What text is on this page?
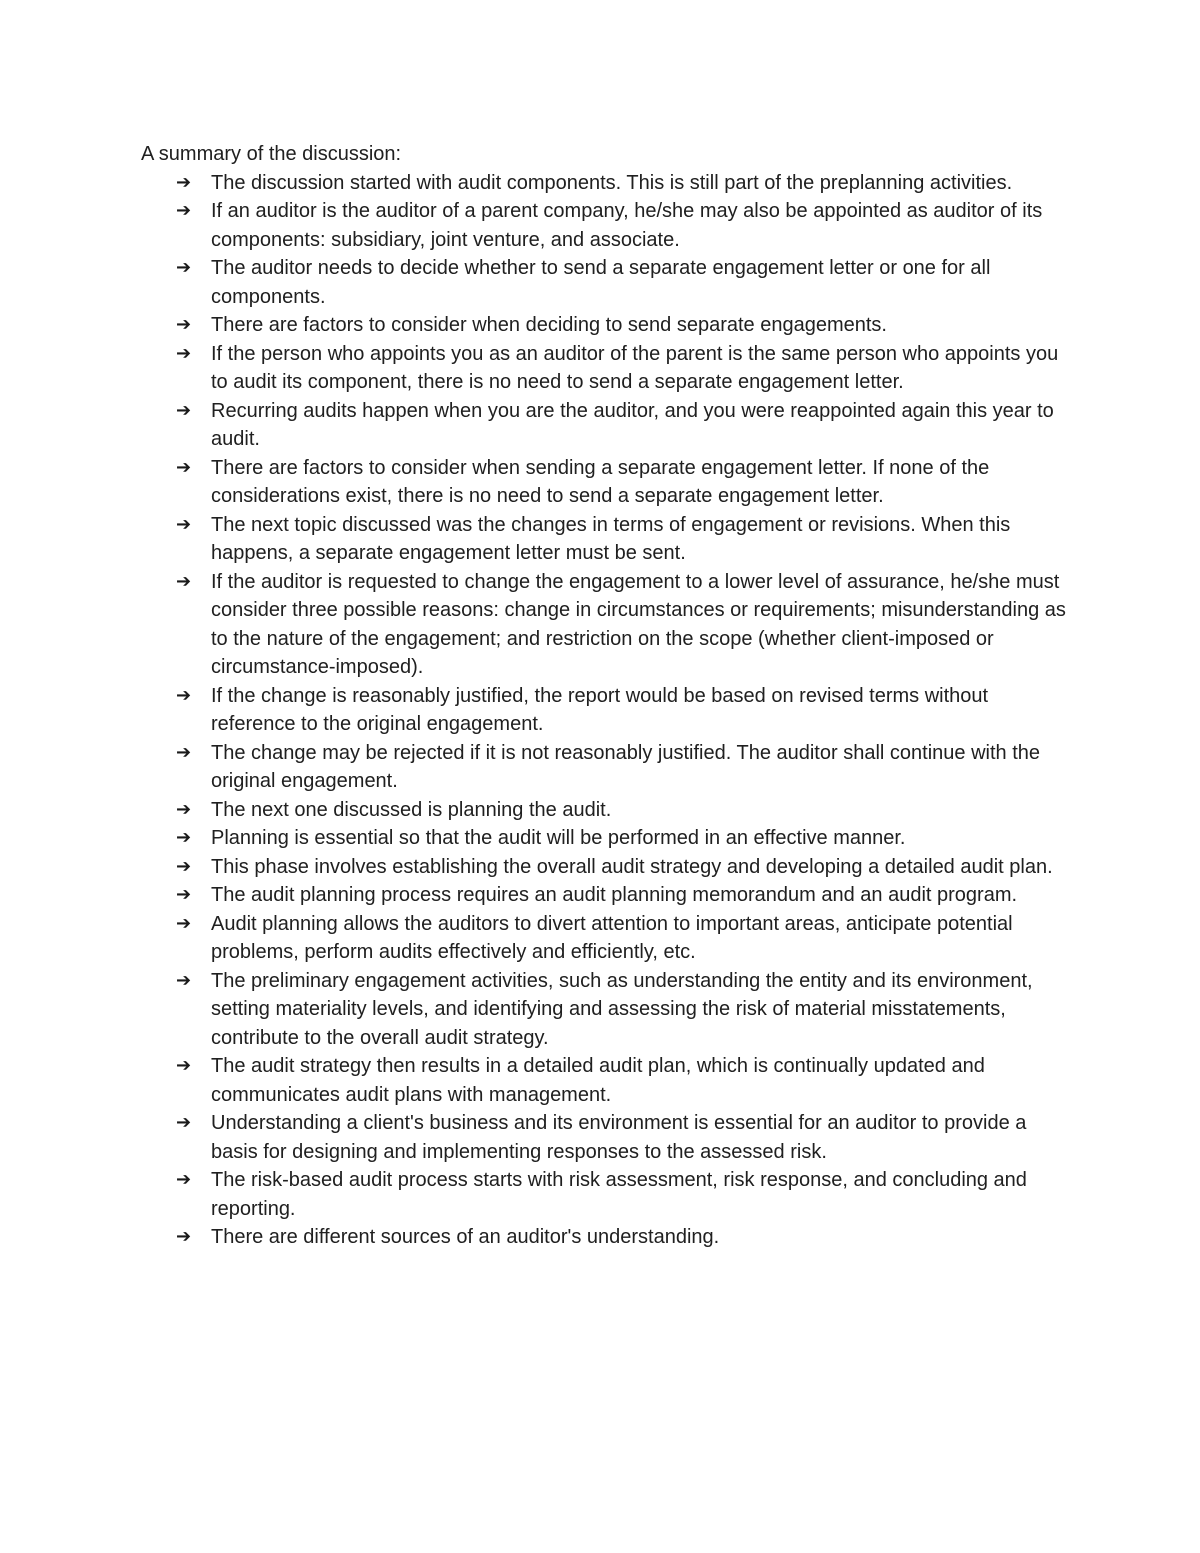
A summary of the discussion:

➔ The discussion started with audit components. This is still part of the preplanning activities.
➔ If an auditor is the auditor of a parent company, he/she may also be appointed as auditor of its components: subsidiary, joint venture, and associate.
➔ The auditor needs to decide whether to send a separate engagement letter or one for all components.
➔ There are factors to consider when deciding to send separate engagements.
➔ If the person who appoints you as an auditor of the parent is the same person who appoints you to audit its component, there is no need to send a separate engagement letter.
➔ Recurring audits happen when you are the auditor, and you were reappointed again this year to audit.
➔ There are factors to consider when sending a separate engagement letter. If none of the considerations exist, there is no need to send a separate engagement letter.
➔ The next topic discussed was the changes in terms of engagement or revisions. When this happens, a separate engagement letter must be sent.
➔ If the auditor is requested to change the engagement to a lower level of assurance, he/she must consider three possible reasons: change in circumstances or requirements; misunderstanding as to the nature of the engagement; and restriction on the scope (whether client-imposed or circumstance-imposed).
➔ If the change is reasonably justified, the report would be based on revised terms without reference to the original engagement.
➔ The change may be rejected if it is not reasonably justified. The auditor shall continue with the original engagement.
➔ The next one discussed is planning the audit.
➔ Planning is essential so that the audit will be performed in an effective manner.
➔ This phase involves establishing the overall audit strategy and developing a detailed audit plan.
➔ The audit planning process requires an audit planning memorandum and an audit program.
➔ Audit planning allows the auditors to divert attention to important areas, anticipate potential problems, perform audits effectively and efficiently, etc.
➔ The preliminary engagement activities, such as understanding the entity and its environment, setting materiality levels, and identifying and assessing the risk of material misstatements, contribute to the overall audit strategy.
➔ The audit strategy then results in a detailed audit plan, which is continually updated and communicates audit plans with management.
➔ Understanding a client's business and its environment is essential for an auditor to provide a basis for designing and implementing responses to the assessed risk.
➔ The risk-based audit process starts with risk assessment, risk response, and concluding and reporting.
➔ There are different sources of an auditor's understanding.
